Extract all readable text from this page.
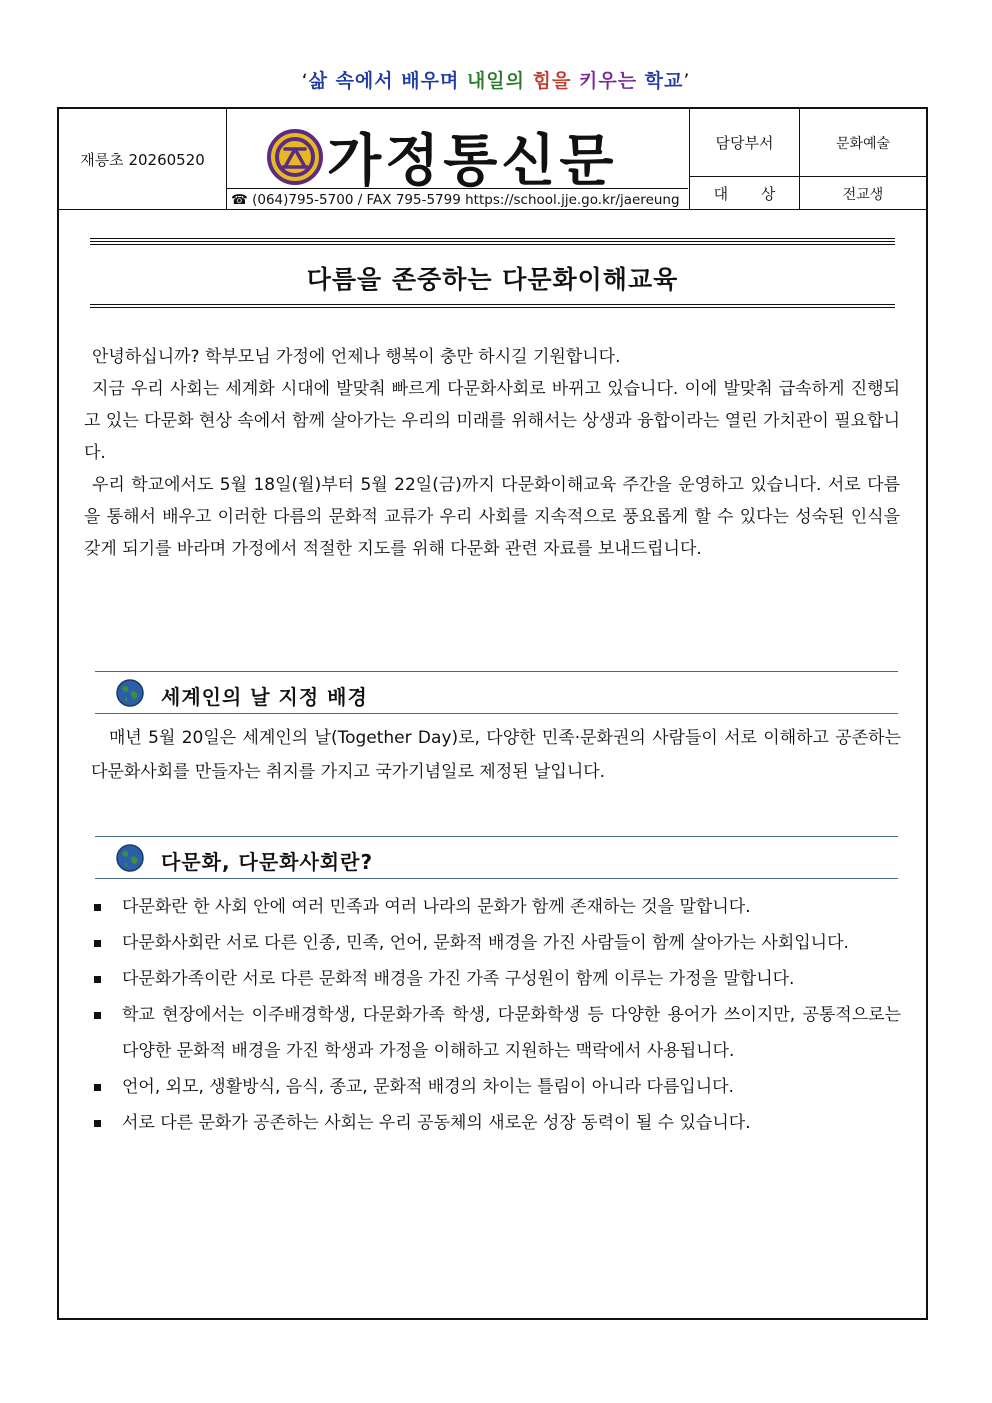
‘삶 속에서 배우며 내일의 힘을 키우는 학교’
재릉초 20260520	가정통신문
☎ (064)795-5700 / FAX 795-5799 https://school.jje.go.kr/jaereung
담당부서	문화예술
대 상	전교생
다름을 존중하는 다문화이해교육

안녕하십니까? 학부모님 가정에 언제나 행복이 충만 하시길 기원합니다.

지금 우리 사회는 세계화 시대에 발맞춰 빠르게 다문화사회로 바뀌고 있습니다. 이에 발맞춰 급속하게 진행되고 있는 다문화 현상 속에서 함께 살아가는 우리의 미래를 위해서는 상생과 융합이라는 열린 가치관이 필요합니다.

우리 학교에서도 5월 18일(월)부터 5월 22일(금)까지 다문화이해교육 주간을 운영하고 있습니다. 서로 다름을 통해서 배우고 이러한 다름의 문화적 교류가 우리 사회를 지속적으로 풍요롭게 할 수 있다는 성숙된 인식을 갖게 되기를 바라며 가정에서 적절한 지도를 위해 다문화 관련 자료를 보내드립니다.

세계인의 날 지정 배경

매년 5월 20일은 세계인의 날(Together Day)로, 다양한 민족·문화권의 사람들이 서로 이해하고 공존하는 다문화사회를 만들자는 취지를 가지고 국가기념일로 제정된 날입니다.

다문화, 다문화사회란?
다문화란 한 사회 안에 여러 민족과 여러 나라의 문화가 함께 존재하는 것을 말합니다.
다문화사회란 서로 다른 인종, 민족, 언어, 문화적 배경을 가진 사람들이 함께 살아가는 사회입니다.
다문화가족이란 서로 다른 문화적 배경을 가진 가족 구성원이 함께 이루는 가정을 말합니다.
학교 현장에서는 이주배경학생, 다문화가족 학생, 다문화학생 등 다양한 용어가 쓰이지만, 공통적으로는 다양한 문화적 배경을 가진 학생과 가정을 이해하고 지원하는 맥락에서 사용됩니다.
언어, 외모, 생활방식, 음식, 종교, 문화적 배경의 차이는 틀림이 아니라 다름입니다.
서로 다른 문화가 공존하는 사회는 우리 공동체의 새로운 성장 동력이 될 수 있습니다.
